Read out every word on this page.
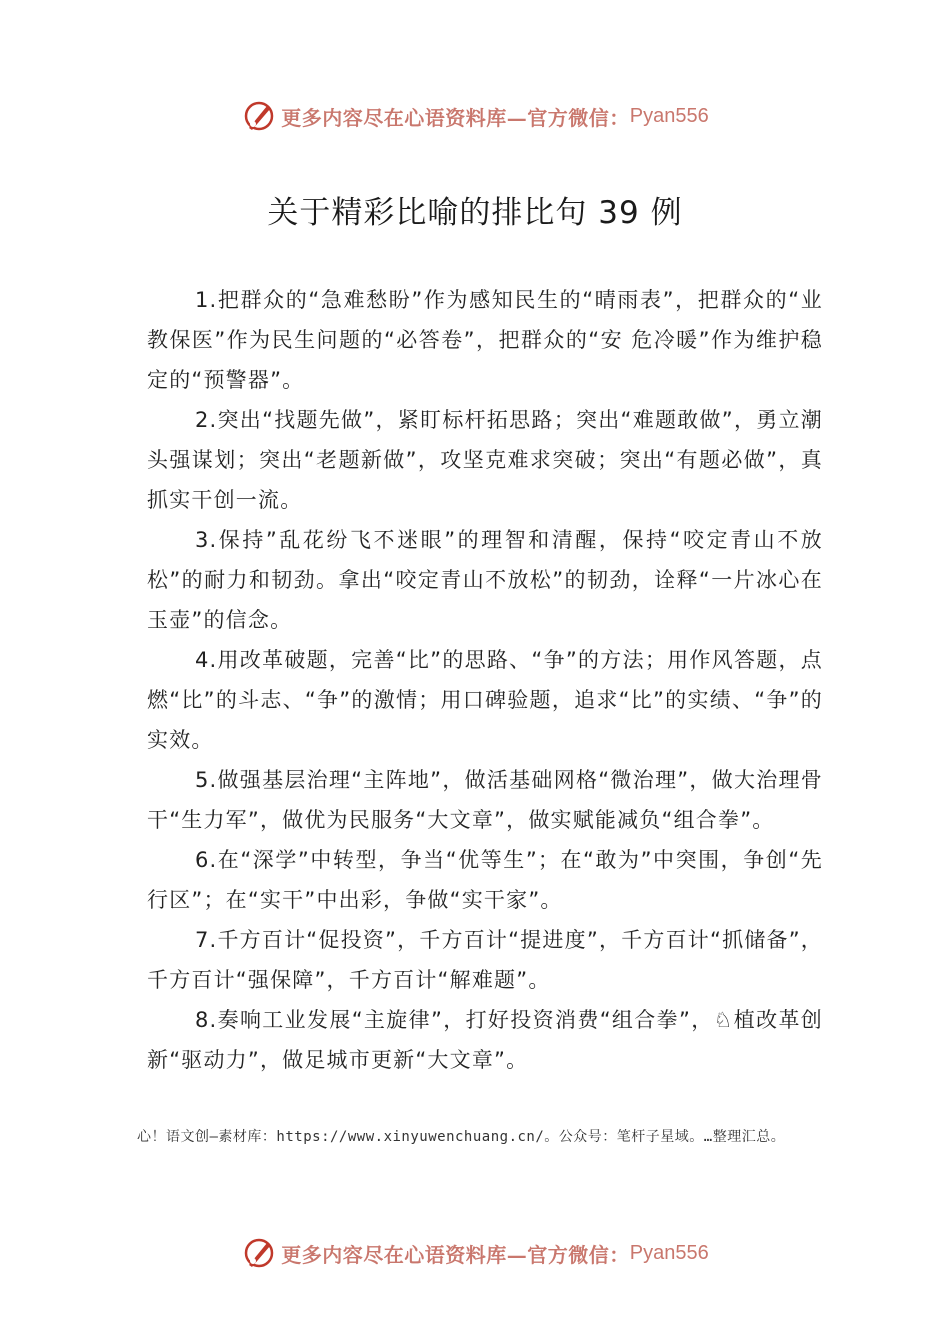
更多内容尽在心语资料库—官方微信： Pyan556
关于精彩比喻的排比句 39 例

1.把群众的“急难愁盼”作为感知民生的“晴雨表”，把群众的“业教保医”作为民生问题的“必答卷”，把群众的“安 危冷暖”作为维护稳定的“预警器”。

2.突出“找题先做”，紧盯标杆拓思路；突出“难题敢做”，勇立潮头强谋划；突出“老题新做”，攻坚克难求突破；突出“有题必做”，真抓实干创一流。

3.保持”乱花纷飞不迷眼”的理智和清醒，保持“咬定青山不放松”的耐力和韧劲。拿出“咬定青山不放松”的韧劲，诠释“一片冰心在玉壶”的信念。

4.用改革破题，完善“比”的思路、“争”的方法；用作风答题，点燃“比”的斗志、“争”的激情；用口碑验题，追求“比”的实绩、“争”的实效。

5.做强基层治理“主阵地”，做活基础网格“微治理”，做大治理骨干“生力军”，做优为民服务“大文章”，做实赋能减负“组合拳”。

6.在“深学”中转型，争当“优等生”；在“敢为”中突围，争创“先行区”；在“实干”中出彩，争做“实干家”。

7.千方百计“促投资”，千方百计“提进度”，千方百计“抓储备”，千方百计“强保障”，千方百计“解难题”。

8.奏响工业发展“主旋律”，打好投资消费“组合拳”，♘植改革创新“驱动力”，做足城市更新“大文章”。

心！语文创—素材库：https://www.xinyuwenchuang.cn/。公众号：笔杆子星域。…整理汇总。
更多内容尽在心语资料库—官方微信： Pyan556
